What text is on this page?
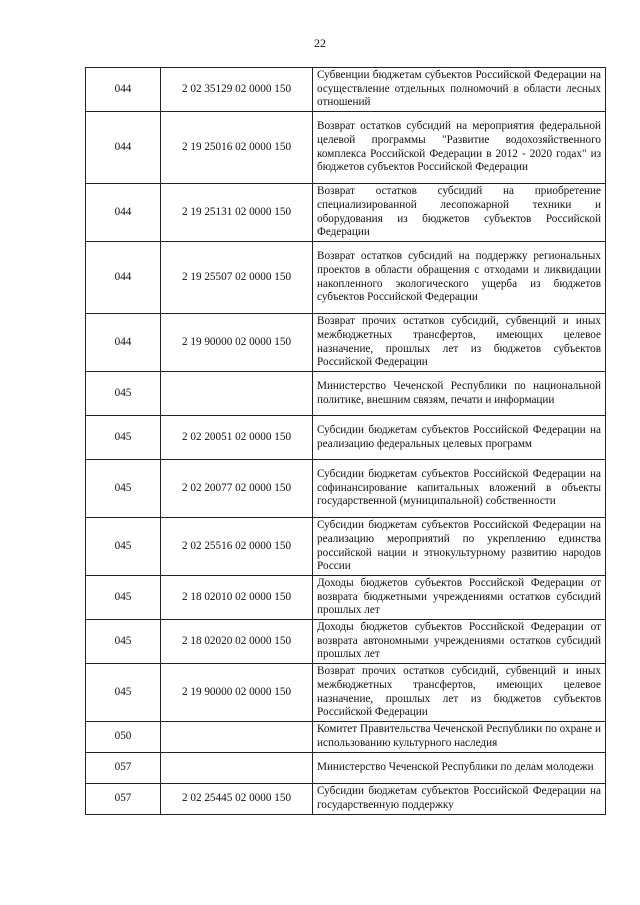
22
044	2 02 35129 02 0000 150	Субвенции бюджетам субъектов Российской Федерации на осуществление отдельных полномочий в области лесных отношений
044	2 19 25016 02 0000 150	Возврат остатков субсидий на мероприятия федеральной целевой программы "Развитие водохозяйственного комплекса Российской Федерации в 2012 - 2020 годах" из бюджетов субъектов Российской Федерации
044	2 19 25131 02 0000 150	Возврат остатков субсидий на приобретение специализированной лесопожарной техники и оборудования из бюджетов субъектов Российской Федерации
044	2 19 25507 02 0000 150	Возврат остатков субсидий на поддержку региональных проектов в области обращения с отходами и ликвидации накопленного экологического ущерба из бюджетов субъектов Российской Федерации
044	2 19 90000 02 0000 150	Возврат прочих остатков субсидий, субвенций и иных межбюджетных трансфертов, имеющих целевое назначение, прошлых лет из бюджетов субъектов Российской Федерации
045		Министерство Чеченской Республики по национальной политике, внешним связям, печати и информации
045	2 02 20051 02 0000 150	Субсидии бюджетам субъектов Российской Федерации на реализацию федеральных целевых программ
045	2 02 20077 02 0000 150	Субсидии бюджетам субъектов Российской Федерации на софинансирование капитальных вложений в объекты государственной (муниципальной) собственности
045	2 02 25516 02 0000 150	Субсидии бюджетам субъектов Российской Федерации на реализацию мероприятий по укреплению единства российской нации и этнокультурному развитию народов России
045	2 18 02010 02 0000 150	Доходы бюджетов субъектов Российской Федерации от возврата бюджетными учреждениями остатков субсидий прошлых лет
045	2 18 02020 02 0000 150	Доходы бюджетов субъектов Российской Федерации от возврата автономными учреждениями остатков субсидий прошлых лет
045	2 19 90000 02 0000 150	Возврат прочих остатков субсидий, субвенций и иных межбюджетных трансфертов, имеющих целевое назначение, прошлых лет из бюджетов субъектов Российской Федерации
050		Комитет Правительства Чеченской Республики по охране и использованию культурного наследия
057		Министерство Чеченской Республики по делам молодежи
057	2 02 25445 02 0000 150	Субсидии бюджетам субъектов Российской Федерации на государственную поддержку
